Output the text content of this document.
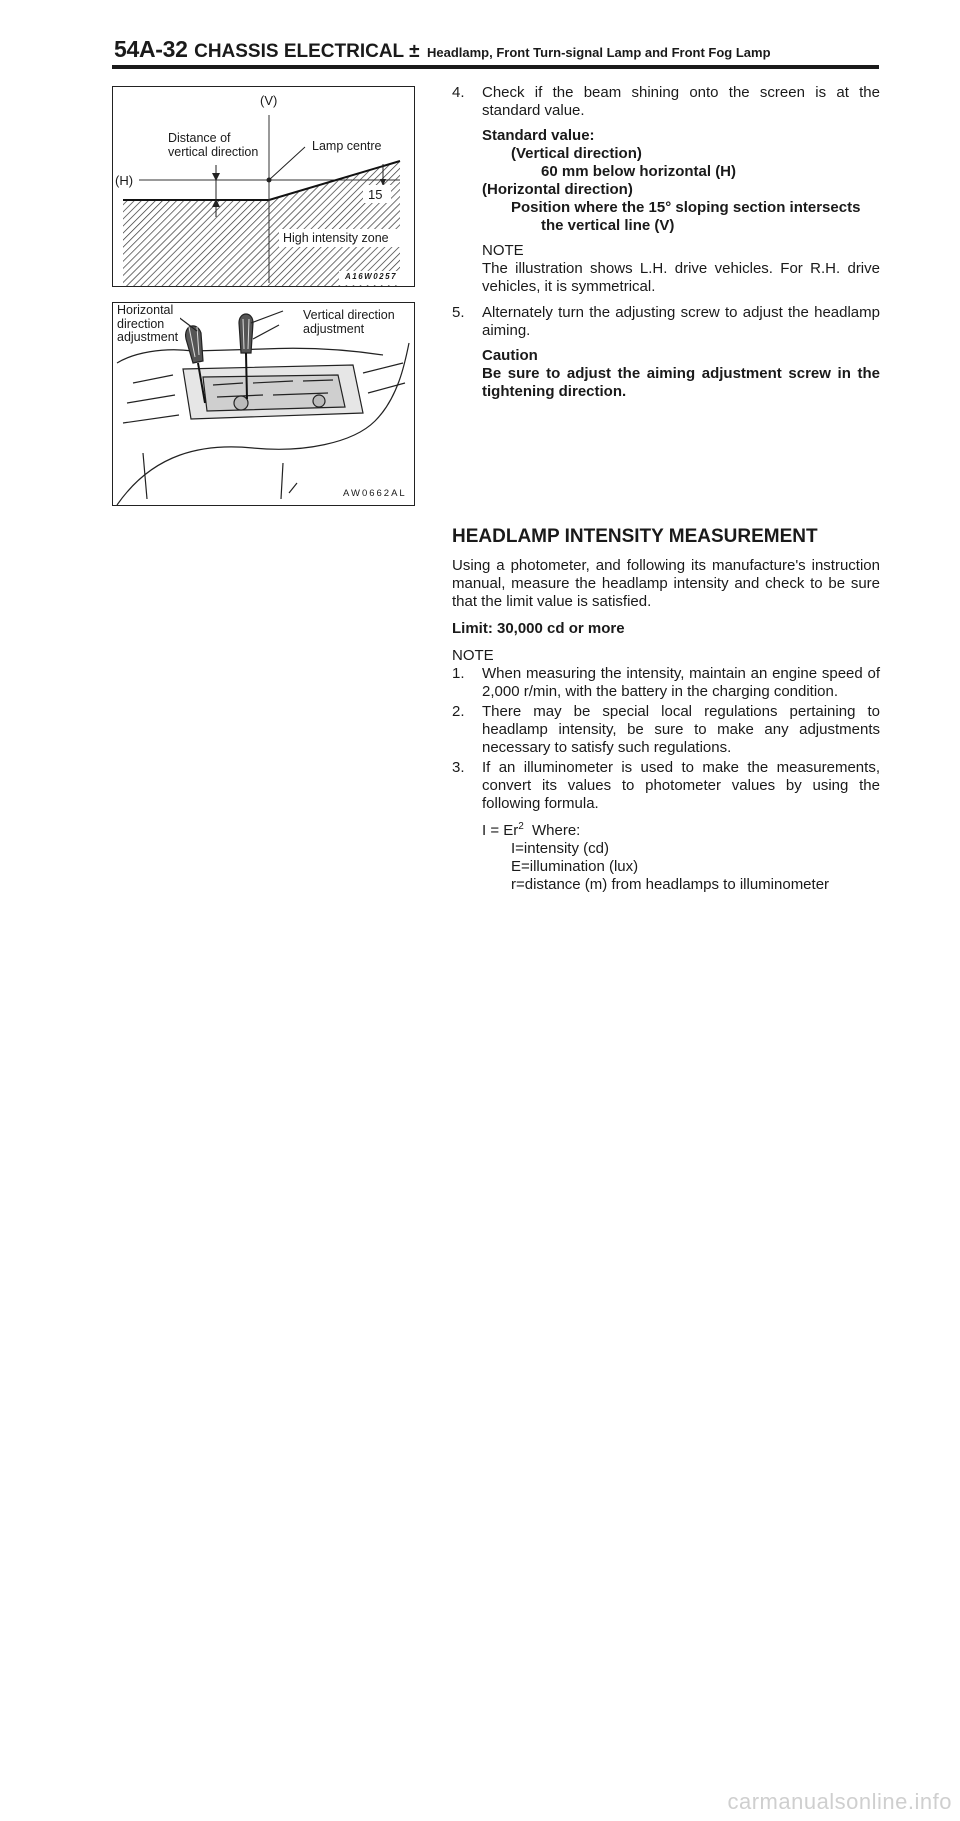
54A-32 CHASSIS ELECTRICAL ± Headlamp, Front Turn-signal Lamp and Front Fog Lamp
(V)
(H)
Distance of
vertical direction	Lamp centre
15
High intensity zone
A16W0257
Horizontal
direction
adjustment
Vertical direction
adjustment
AW0662AL

4. Check if the beam shining onto the screen is at the standard value.

Standard value:

(Vertical direction)

60 mm below horizontal (H)

(Horizontal direction)

Position where the 15° sloping section intersects

the vertical line (V)

NOTE

The illustration shows L.H. drive vehicles. For R.H. drive vehicles, it is symmetrical.

5. Alternately turn the adjusting screw to adjust the headlamp aiming.

Caution

Be sure to adjust the aiming adjustment screw in the tightening direction.

HEADLAMP INTENSITY MEASUREMENT

Using a photometer, and following its manufacture's instruction manual, measure the headlamp intensity and check to be sure that the limit value is satisfied.

Limit: 30,000 cd or more

NOTE

1. When measuring the intensity, maintain an engine speed of 2,000 r/min, with the battery in the charging condition.

2. There may be special local regulations pertaining to headlamp intensity, be sure to make any adjustments necessary to satisfy such regulations.

3. If an illuminometer is used to make the measurements, convert its values to photometer values by using the following formula.

$I = Er^2$ Where:

I=intensity (cd)

E=illumination (lux)

r=distance (m) from headlamps to illuminometer

carmanualsonline.info
